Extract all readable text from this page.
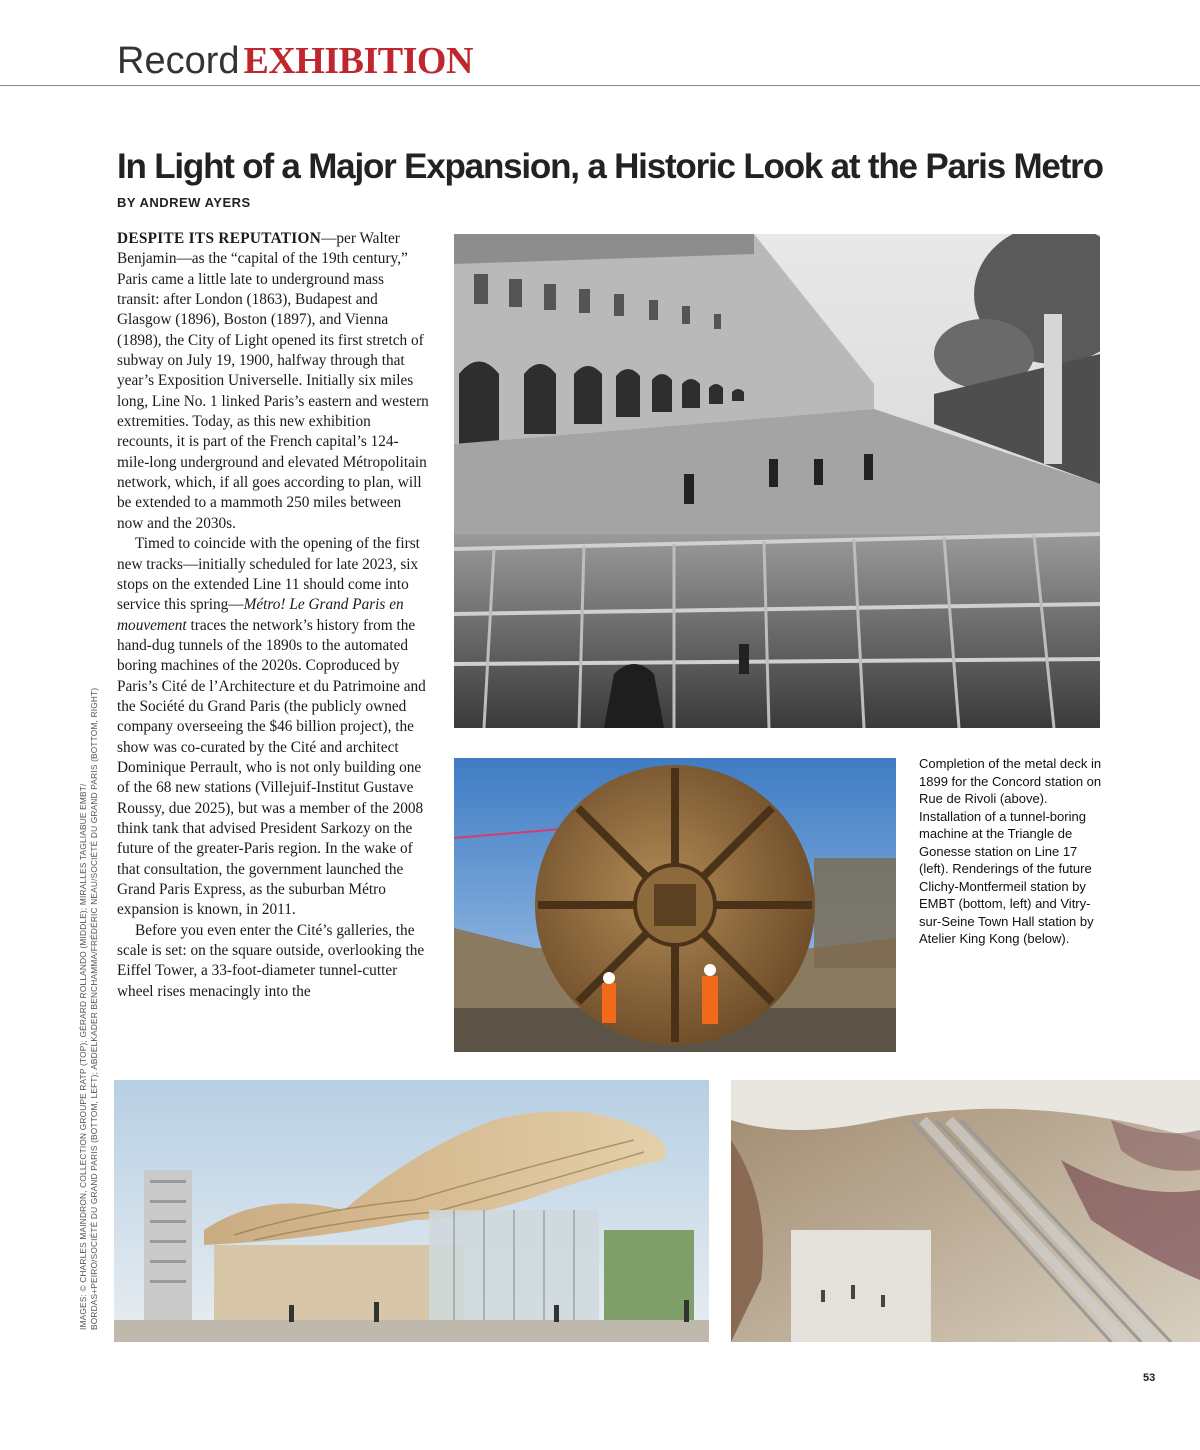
Record EXHIBITION
In Light of a Major Expansion, a Historic Look at the Paris Metro
BY ANDREW AYERS

DESPITE ITS REPUTATION—per Walter Benjamin—as the “capital of the 19th century,” Paris came a little late to underground mass transit: after London (1863), Budapest and Glasgow (1896), Boston (1897), and Vienna (1898), the City of Light opened its first stretch of subway on July 19, 1900, halfway through that year’s Exposition Universelle. Initially six miles long, Line No. 1 linked Paris’s eastern and western extremities. Today, as this new exhibition recounts, it is part of the French capital’s 124-mile-long underground and elevated Métropolitain network, which, if all goes according to plan, will be extended to a mammoth 250 miles between now and the 2030s.

Timed to coincide with the opening of the first new tracks—initially scheduled for late 2023, six stops on the extended Line 11 should come into service this spring—Métro! Le Grand Paris en mouvement traces the network’s history from the hand-dug tunnels of the 1890s to the automated boring machines of the 2020s. Coproduced by Paris’s Cité de l’Architecture et du Patrimoine and the Société du Grand Paris (the publicly owned company overseeing the $46 billion project), the show was co-curated by the Cité and architect Dominique Perrault, who is not only building one of the 68 new stations (Villejuif-Institut Gustave Roussy, due 2025), but was a member of the 2008 think tank that advised President Sarkozy on the future of the greater-Paris region. In the wake of that consultation, the government launched the Grand Paris Express, as the suburban Métro expansion is known, in 2011.

Before you even enter the Cité’s galleries, the scale is set: on the square outside, overlooking the Eiffel Tower, a 33-foot-diameter tunnel-cutter wheel rises menacingly into the

IMAGES: © CHARLES MAINDRON, COLLECTION GROUPE RATP (TOP); GÉRARD ROLLANDO (MIDDLE); MIRALLES TAGLIABUE EMBT/ BORDAS+PEIRO/SOCIÉTÉ DU GRAND PARIS (BOTTOM, LEFT); ABDELKADER BENCHAMMA/FRÉDÉRIC NEAU/SOCIÉTÉ DU GRAND PARIS (BOTTOM, RIGHT)	Completion of the metal deck in 1899 for the Concord station on Rue de Rivoli (above). Installation of a tunnel-boring machine at the Triangle de Gonesse station on Line 17 (left). Renderings of the future Clichy-Montfermeil station by EMBT (bottom, left) and Vitry-sur-Seine Town Hall station by Atelier King Kong (below).
53
